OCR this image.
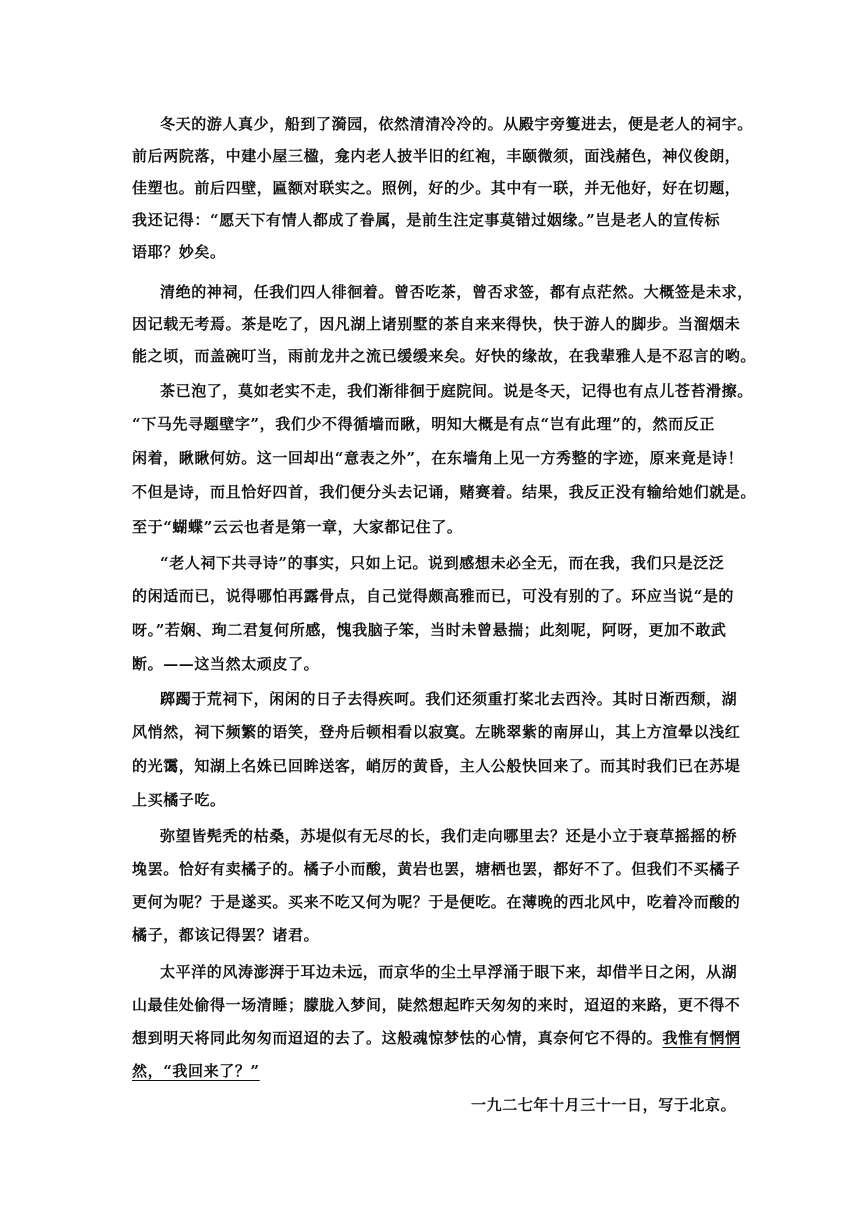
冬天的游人真少，船到了漪园，依然清清冷冷的。从殿宇旁篗进去，便是老人的祠宇。
前后两院落，中建小屋三楹，龛内老人披半旧的红袍，丰颐微须，面浅赭色，神仪俊朗，
佳塑也。前后四壁，匾额对联实之。照例，好的少。其中有一联，并无他好，好在切题，
我还记得：“愿天下有情人都成了眷属，是前生注定事莫错过姻缘。”岂是老人的宣传标
语耶？妙矣。
清绝的神祠，任我们四人徘徊着。曾否吃茶，曾否求签，都有点茫然。大概签是未求，
因记载无考焉。茶是吃了，因凡湖上诸别墅的茶自来来得快，快于游人的脚步。当溜烟未
能之顷，而盖碗叮当，雨前龙井之流已缓缓来矣。好快的缘故，在我辈雅人是不忍言的哟。
茶已泡了，莫如老实不走，我们渐徘徊于庭院间。说是冬天，记得也有点儿苍苔滑擦。
“下马先寻题壁字”，我们少不得循墙而瞅，明知大概是有点“岂有此理”的，然而反正
闲着，瞅瞅何妨。这一回却出“意表之外”，在东墙角上见一方秀整的字迹，原来竟是诗！
不但是诗，而且恰好四首，我们便分头去记诵，赌赛着。结果，我反正没有输给她们就是。
至于“蝴蝶”云云也者是第一章，大家都记住了。
“老人祠下共寻诗”的事实，只如上记。说到感想未必全无，而在我，我们只是泛泛
的闲适而已，说得哪怕再露骨点，自己觉得颇高雅而已，可没有别的了。环应当说“是的
呀。”若娴、珣二君复何所感，愧我脑子笨，当时未曾悬揣；此刻呢，阿呀，更加不敢武
断。——这当然太顽皮了。
踯躅于荒祠下，闲闲的日子去得疾呵。我们还须重打桨北去西泠。其时日渐西颓，湖
风悄然，祠下频繁的语笑，登舟后顿相看以寂寞。左眺翠紫的南屏山，其上方渲晕以浅红
的光霭，知湖上名姝已回眸送客，峭厉的黄昏，主人公般快回来了。而其时我们已在苏堤
上买橘子吃。
弥望皆髡秃的枯桑，苏堤似有无尽的长，我们走向哪里去？还是小立于衰草摇摇的桥
堍罢。恰好有卖橘子的。橘子小而酸，黄岩也罢，塘栖也罢，都好不了。但我们不买橘子
更何为呢？于是遂买。买来不吃又何为呢？于是便吃。在薄晚的西北风中，吃着冷而酸的
橘子，都该记得罢？诸君。
太平洋的风涛澎湃于耳边未远，而京华的尘土早浮涌于眼下来，却借半日之闲，从湖
山最佳处偷得一场清睡；朦胧入梦间，陡然想起昨天匆匆的来时，迢迢的来路，更不得不
想到明天将同此匆匆而迢迢的去了。这般魂惊梦怯的心情，真奈何它不得的。我惟有惘惘
然，“我回来了？”
一九二七年十月三十一日，写于北京。
